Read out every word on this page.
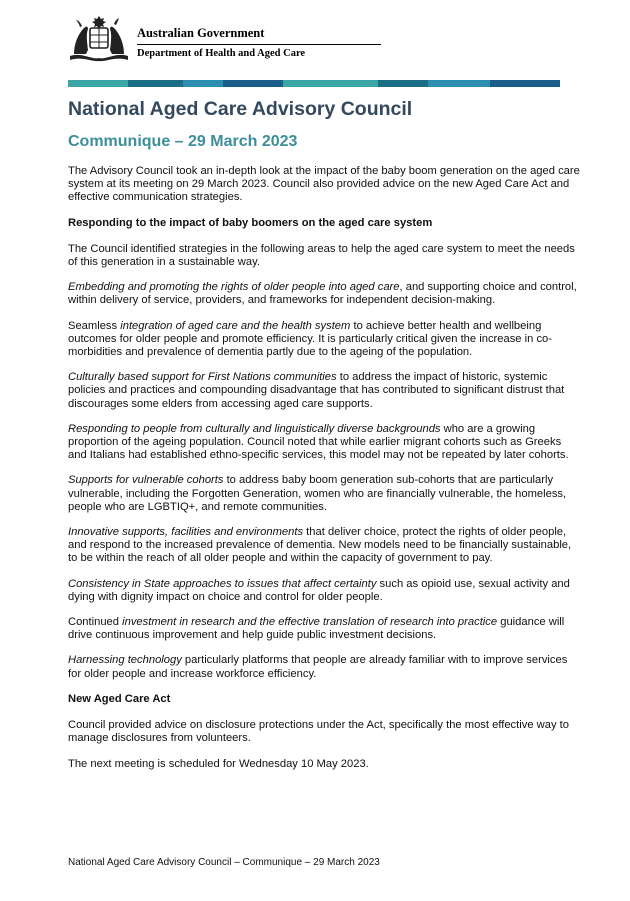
Australian Government
Department of Health and Aged Care
National Aged Care Advisory Council
Communique – 29 March 2023

The Advisory Council took an in-depth look at the impact of the baby boom generation on the aged care system at its meeting on 29 March 2023. Council also provided advice on the new Aged Care Act and effective communication strategies.

Responding to the impact of baby boomers on the aged care system

The Council identified strategies in the following areas to help the aged care system to meet the needs of this generation in a sustainable way.

Embedding and promoting the rights of older people into aged care, and supporting choice and control, within delivery of service, providers, and frameworks for independent decision-making.

Seamless integration of aged care and the health system to achieve better health and wellbeing outcomes for older people and promote efficiency. It is particularly critical given the increase in co-morbidities and prevalence of dementia partly due to the ageing of the population.

Culturally based support for First Nations communities to address the impact of historic, systemic policies and practices and compounding disadvantage that has contributed to significant distrust that discourages some elders from accessing aged care supports.

Responding to people from culturally and linguistically diverse backgrounds who are a growing proportion of the ageing population. Council noted that while earlier migrant cohorts such as Greeks and Italians had established ethno-specific services, this model may not be repeated by later cohorts.

Supports for vulnerable cohorts to address baby boom generation sub-cohorts that are particularly vulnerable, including the Forgotten Generation, women who are financially vulnerable, the homeless, people who are LGBTIQ+, and remote communities.

Innovative supports, facilities and environments that deliver choice, protect the rights of older people, and respond to the increased prevalence of dementia. New models need to be financially sustainable, to be within the reach of all older people and within the capacity of government to pay.

Consistency in State approaches to issues that affect certainty such as opioid use, sexual activity and dying with dignity impact on choice and control for older people.

Continued investment in research and the effective translation of research into practice guidance will drive continuous improvement and help guide public investment decisions.

Harnessing technology particularly platforms that people are already familiar with to improve services for older people and increase workforce efficiency.

New Aged Care Act

Council provided advice on disclosure protections under the Act, specifically the most effective way to manage disclosures from volunteers.

The next meeting is scheduled for Wednesday 10 May 2023.

National Aged Care Advisory Council – Communique – 29 March 2023
